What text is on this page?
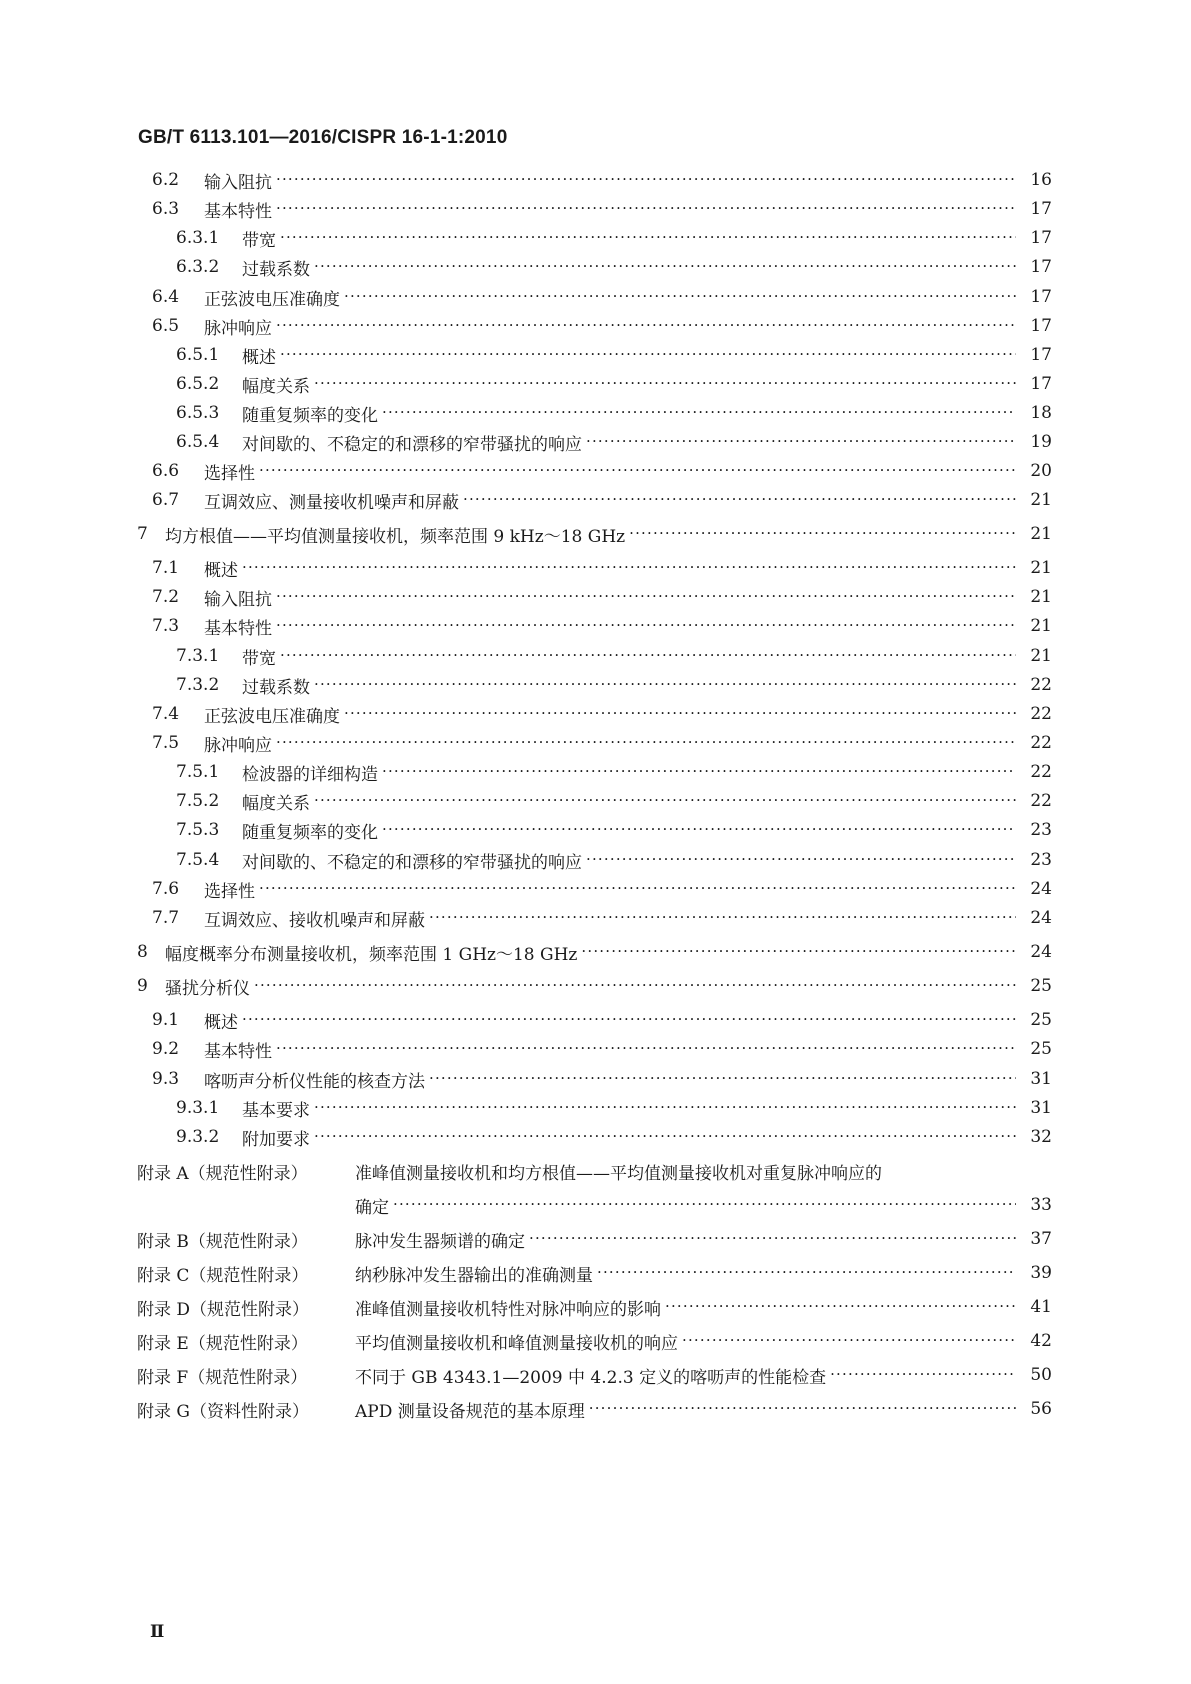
GB/T 6113.101—2016/CISPR 16-1-1:2010
6.2	输入阻抗 ·····	16
6.3	基本特性 ·····	17
6.3.1	带宽 ·····	17
6.3.2	过载系数 ·····	17
6.4	正弦波电压准确度 ·····	17
6.5	脉冲响应 ·····	17
6.5.1	概述 ·····	17
6.5.2	幅度关系 ·····	17
6.5.3	随重复频率的变化 ·····	18
6.5.4	对间歇的、不稳定的和漂移的窄带骚扰的响应 ·····	19
6.6	选择性 ·····	20
6.7	互调效应、测量接收机噪声和屏蔽 ·····	21
7	均方根值——平均值测量接收机，频率范围 9 kHz～18 GHz ·····	21
7.1	概述 ·····	21
7.2	输入阻抗 ·····	21
7.3	基本特性 ·····	21
7.3.1	带宽 ·····	21
7.3.2	过载系数 ·····	22
7.4	正弦波电压准确度 ·····	22
7.5	脉冲响应 ·····	22
7.5.1	检波器的详细构造 ·····	22
7.5.2	幅度关系 ·····	22
7.5.3	随重复频率的变化 ·····	23
7.5.4	对间歇的、不稳定的和漂移的窄带骚扰的响应 ·····	23
7.6	选择性 ·····	24
7.7	互调效应、接收机噪声和屏蔽 ·····	24
8	幅度概率分布测量接收机，频率范围 1 GHz～18 GHz ·····	24
9	骚扰分析仪 ·····	25
9.1	概述 ·····	25
9.2	基本特性 ·····	25
9.3	喀呖声分析仪性能的核查方法 ·····	31
9.3.1	基本要求 ·····	31
9.3.2	附加要求 ·····	32
附录 A（规范性附录）	准峰值测量接收机和均方根值——平均值测量接收机对重复脉冲响应的
确定 ·····	33
附录 B（规范性附录）	脉冲发生器频谱的确定 ·····	37
附录 C（规范性附录）	纳秒脉冲发生器输出的准确测量 ·····	39
附录 D（规范性附录）	准峰值测量接收机特性对脉冲响应的影响 ·····	41
附录 E（规范性附录）	平均值测量接收机和峰值测量接收机的响应 ·····	42
附录 F（规范性附录）	不同于 GB 4343.1—2009 中 4.2.3 定义的喀呖声的性能检查 ·····	50
附录 G（资料性附录）	APD 测量设备规范的基本原理 ·····	56
Ⅱ
